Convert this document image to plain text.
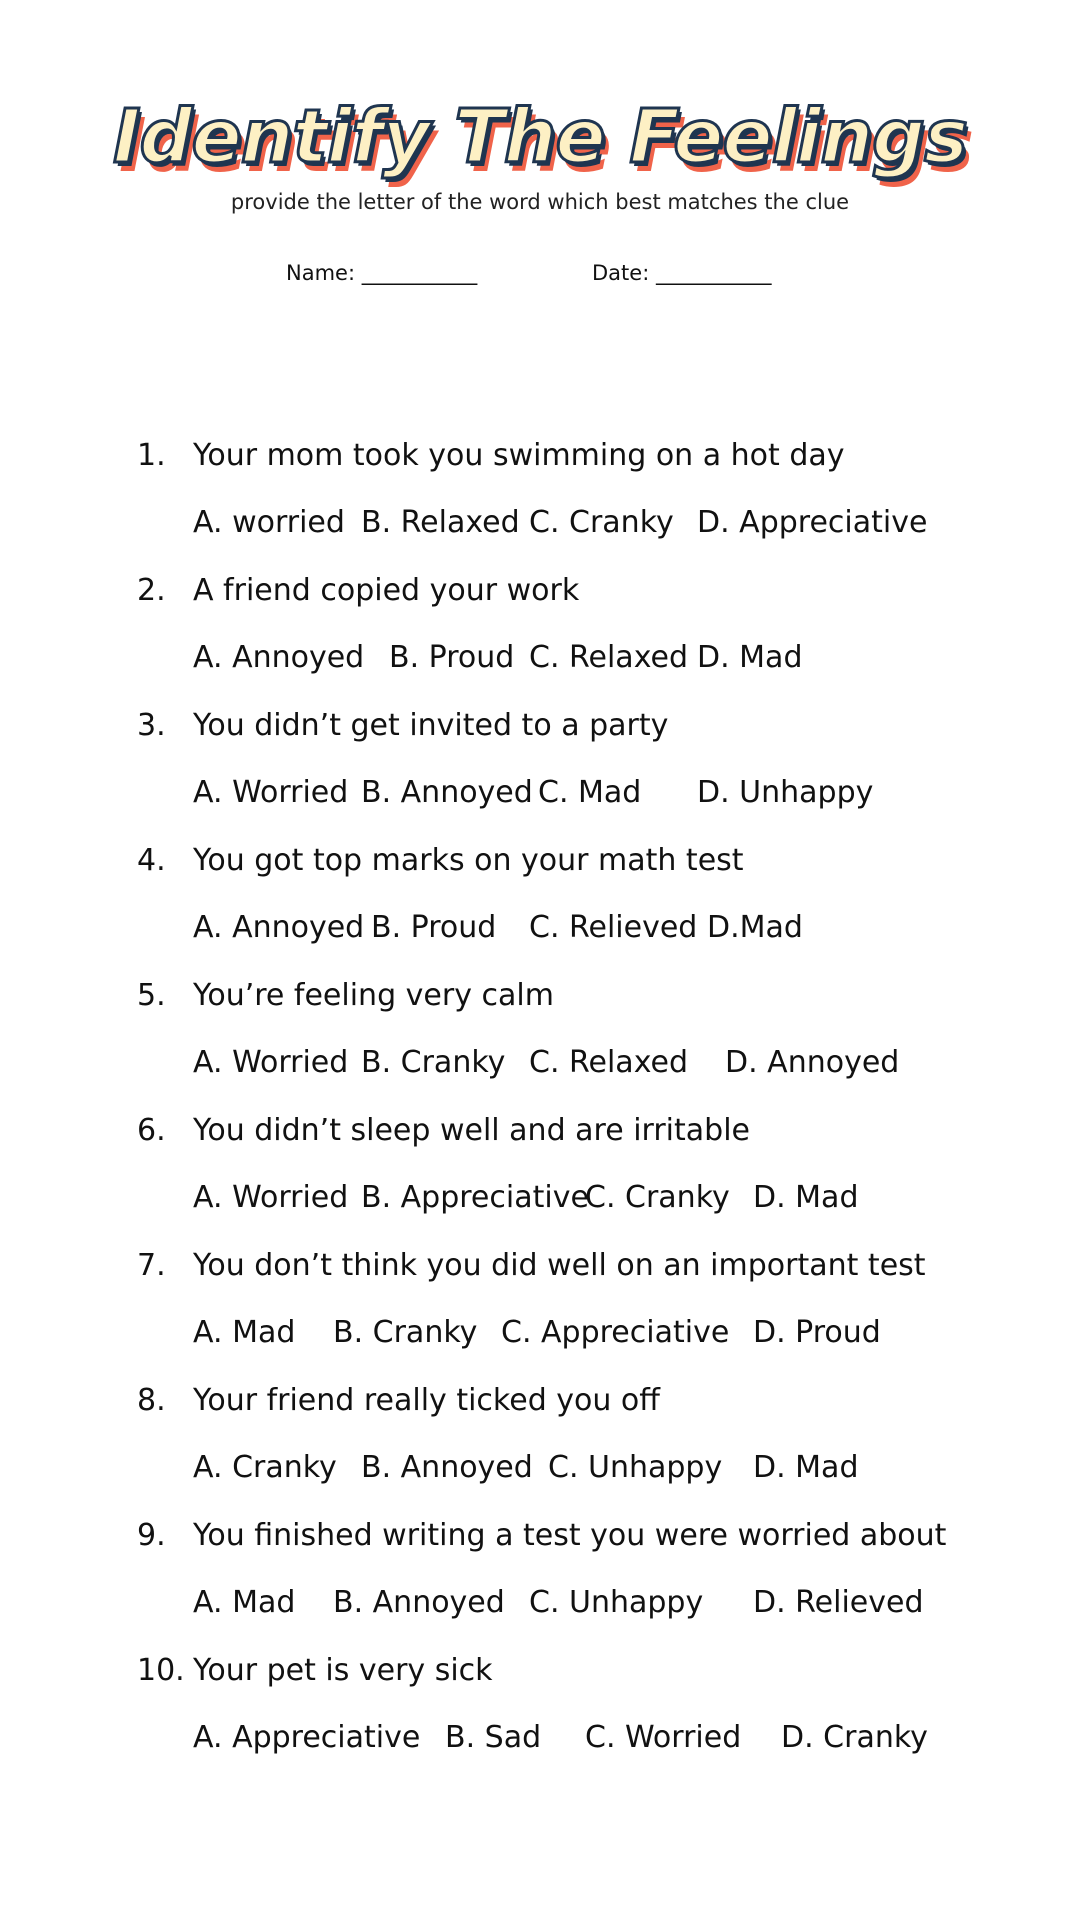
Identify The Feelings
provide the letter of the word which best matches the clue
Name: ___________	Date: ___________
1. Your mom took you swimming on a hot day
A. worried B. Relaxed C. Cranky D. Appreciative
2. A friend copied your work
A. Annoyed B. Proud C. Relaxed D. Mad
3. You didn’t get invited to a party
A. Worried B. Annoyed C. Mad D. Unhappy
4. You got top marks on your math test
A. Annoyed B. Proud C. Relieved D.Mad
5. You’re feeling very calm
A. Worried B. Cranky C. Relaxed D. Annoyed
6. You didn’t sleep well and are irritable
A. Worried B. Appreciative
C. Cranky D. Mad
7. You don’t think you did well on an important test
A. Mad B. Cranky C. Appreciative D. Proud
8. Your friend really ticked you off
A. Cranky B. Annoyed C. Unhappy D. Mad
9. You finished writing a test you were worried about
A. Mad B. Annoyed C. Unhappy D. Relieved
10. Your pet is very sick
A. Appreciative B. Sad C. Worried D. Cranky
